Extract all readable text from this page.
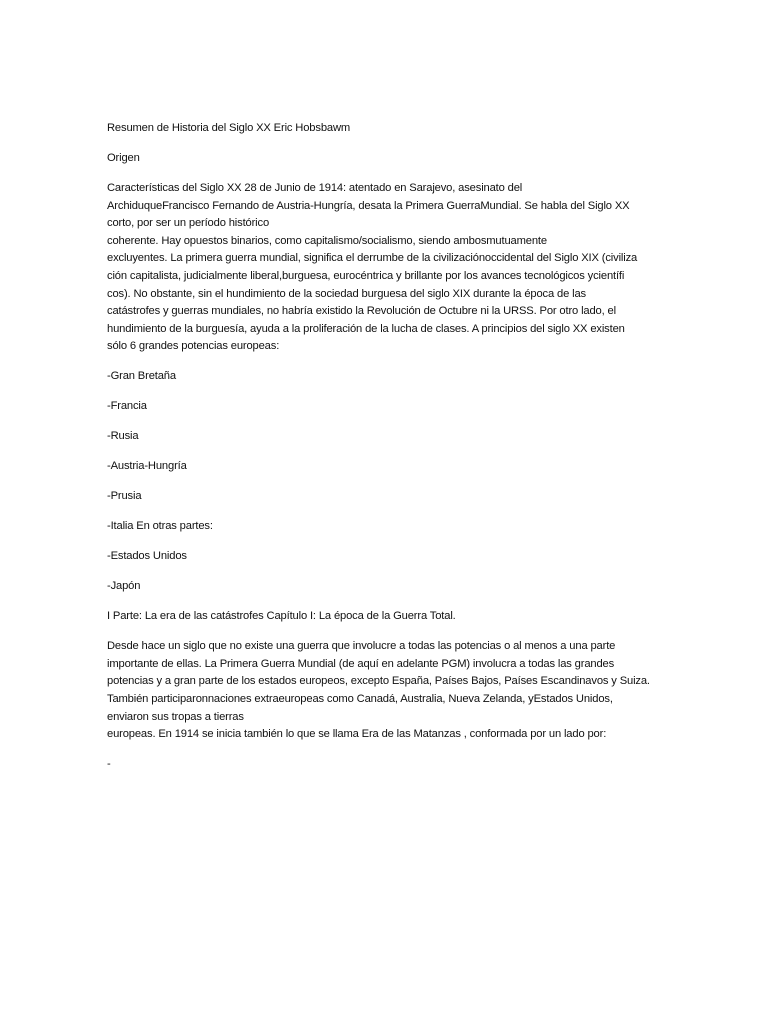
Resumen de Historia del Siglo XX Eric Hobsbawm

Origen

Características del Siglo XX 28 de Junio de 1914: atentado en Sarajevo, asesinato del
ArchiduqueFrancisco Fernando de Austria-Hungría, desata la Primera GuerraMundial. Se habla del Siglo XX
corto, por ser un período histórico
coherente. Hay opuestos binarios, como capitalismo/socialismo, siendo ambosmutuamente
excluyentes. La primera guerra mundial, significa el derrumbe de la civilizaciónoccidental del Siglo XIX (civiliza
ción capitalista, judicialmente liberal,burguesa, eurocéntrica y brillante por los avances tecnológicos ycientífi
cos). No obstante, sin el hundimiento de la sociedad burguesa del siglo XIX durante la época de las
catástrofes y guerras mundiales, no habría existido la Revolución de Octubre ni la URSS. Por otro lado, el
hundimiento de la burguesía, ayuda a la proliferación de la lucha de clases. A principios del siglo XX existen
sólo 6 grandes potencias europeas:

-Gran Bretaña

-Francia

-Rusia

-Austria-Hungría

-Prusia

-Italia En otras partes:

-Estados Unidos

-Japón

I Parte: La era de las catástrofes Capítulo I: La época de la Guerra Total.

Desde hace un siglo que no existe una guerra que involucre a todas las potencias o al menos a una parte
importante de ellas. La Primera Guerra Mundial (de aquí en adelante PGM) involucra a todas las grandes
potencias y a gran parte de los estados europeos, excepto España, Países Bajos, Países Escandinavos y Suiza.
También participaronnaciones extraeuropeas como Canadá, Australia, Nueva Zelanda, yEstados Unidos,
enviaron sus tropas a tierras
europeas. En 1914 se inicia también lo que se llama Era de las Matanzas , conformada por un lado por:

-
